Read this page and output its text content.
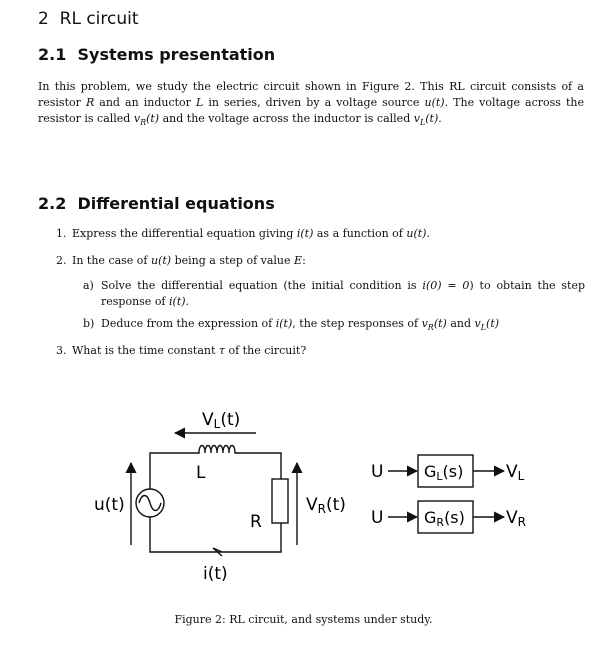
2 RL circuit
2.1 Systems presentation

In this problem, we study the electric circuit shown in Figure 2. This RL circuit consists of a resistor R and an inductor L in series, driven by a voltage source u(t). The voltage across the resistor is called $v_R(t)$ and the voltage across the inductor is called $v_L(t)$.

2.2 Differential equations
1. Express the differential equation giving i(t) as a function of u(t).
2. In the case of u(t) being a step of value E:
a) Solve the differential equation (the initial condition is i(0) = 0) to obtain the step
response of i(t).
b) Deduce from the expression of i(t), the step responses of $v_R(t)$ and $v_L(t)$
3. What is the time constant τ of the circuit?
VL(t)
L
R
u(t)	VR(t)
i(t)
U	GL(s)	VL
U	GR(s) VR
Figure 2: RL circuit, and systems under study.
